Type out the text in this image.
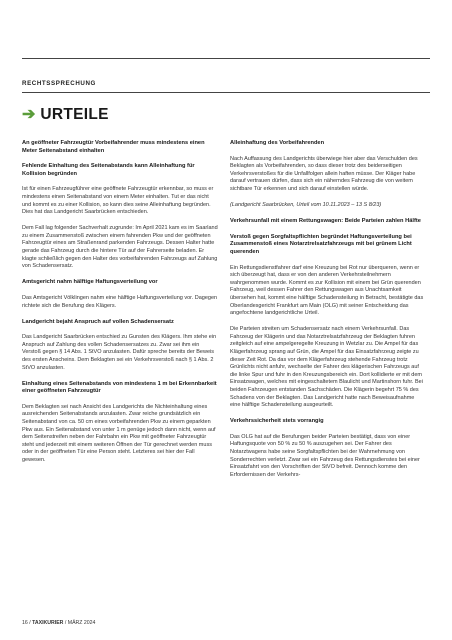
RECHTSSPRECHUNG
➔ URTEILE

An geöffneter Fahrzeugtür Vorbeifahrender muss mindestens einen Meter Seitenabstand einhalten

Fehlende Einhaltung des Seitenabstands kann Alleinhaftung für Kollision begründen

Ist für einen Fahrzeugführer eine geöffnete Fahrzeugtür erkennbar, so muss er mindestens einen Seitenabstand von einem Meter einhalten. Tut er das nicht und kommt es zu einer Kollision, so kann dies seine Alleinhaftung begründen. Dies hat das Landgericht Saarbrücken entschieden.

Dem Fall lag folgender Sachverhalt zugrunde: Im April 2021 kam es im Saarland zu einem Zusammenstoß zwischen einem fahrenden Pkw und der geöffneten Fahrzeugtür eines am Straßenrand parkenden Fahrzeugs. Dessen Halter hatte gerade das Fahrzeug durch die hintere Tür auf der Fahrerseite beladen. Er klagte schließlich gegen den Halter des vorbeifahrenden Fahrzeugs auf Zahlung von Schadensersatz.

Amtsgericht nahm hälftige Haftungsverteilung vor

Das Amtsgericht Völklingen nahm eine hälftige Haftungsverteilung vor. Dagegen richtete sich die Berufung des Klägers.

Landgericht bejaht Anspruch auf vollen Schadensersatz

Das Landgericht Saarbrücken entschied zu Gunsten des Klägers. Ihm stehe ein Anspruch auf Zahlung des vollen Schadensersatzes zu. Zwar sei ihm ein Verstoß gegen § 14 Abs. 1 StVO anzulasten. Dafür spreche bereits der Beweis des ersten Anscheins. Dem Beklagten sei ein Verkehrsverstoß nach § 1 Abs. 2 StVO anzulasten.

Einhaltung eines Seitenabstands von mindestens 1 m bei Erkennbarkeit einer geöffneten Fahrzeugtür

Dem Beklagten sei nach Ansicht des Landgerichts die Nichteinhaltung eines ausreichenden Seitenabstands anzulasten. Zwar reiche grundsätzlich ein Seitenabstand von ca. 50 cm eines vorbeifahrenden Pkw zu einem geparkten Pkw aus. Ein Seitenabstand von unter 1 m genüge jedoch dann nicht, wenn auf dem Seitenstreifen neben der Fahrbahn ein Pkw mit geöffneter Fahrzeugtür steht und jederzeit mit einem weiteren Öffnen der Tür gerechnet werden muss oder in der geöffneten Tür eine Person steht. Letzteres sei hier der Fall gewesen.

Alleinhaftung des Vorbeifahrenden

Nach Auffassung des Landgerichts überwiege hier aber das Verschulden des Beklagten als Vorbeifahrenden, so dass dieser trotz des beiderseitigen Verkehrsverstoßes für die Unfallfolgen allein haften müsse. Der Kläger habe darauf vertrauen dürfen, dass sich ein näherndes Fahrzeug die von weitem sichtbare Tür erkennen und sich darauf einstellen würde.

(Landgericht Saarbrücken, Urteil vom 10.11.2023 – 13 S 8/23)

Verkehrsunfall mit einem Rettungswagen: Beide Parteien zahlen Hälfte

Verstoß gegen Sorgfaltspflichten begründet Haftungsverteilung bei Zusammenstoß eines Notarztrelsatzfahrzeugs mit bei grünem Licht querenden

Ein Rettungsdienstfahrer darf eine Kreuzung bei Rot nur überqueren, wenn er sich überzeugt hat, dass er von den anderen Verkehrsteilnehmern wahrgenommen wurde. Kommt es zur Kollision mit einem bei Grün querenden Fahrzeug, weil dessen Fahrer den Rettungswagen aus Unachtsamkeit übersehen hat, kommt eine hälftige Schadensteilung in Betracht, bestätigte das Oberlandesgericht Frankfurt am Main (OLG) mit seiner Entscheidung das angefochtene landgerichtliche Urteil.

Die Parteien streiten um Schadensersatz nach einem Verkehrsunfall. Das Fahrzeug der Klägerin und das Notarztrelsatzfahrzeug der Beklagten fuhren zeitgleich auf eine ampelgeregelte Kreuzung in Wetzlar zu. Die Ampel für das Klägerfahrzeug sprang auf Grün, die Ampel für das Einsatzfahrzeug zeigte zu dieser Zeit Rot. Da das vor dem Klägerfahrzeug stehende Fahrzeug trotz Grünlichts nicht anfuhr, wechselte der Fahrer des klägerischen Fahrzeugs auf die linke Spur und fuhr in den Kreuzungsbereich ein. Dort kollidierte er mit dem Einsatzwagen, welches mit eingeschaltetem Blaulicht und Martinshorn fuhr. Bei beiden Fahrzeugen entstanden Sachschäden. Die Klägerin begehrt 75 % des Schadens von der Beklagten. Das Landgericht hatte nach Beweisaufnahme eine hälftige Schadensteilung ausgeurteilt.

Verkehrssicherheit stets vorrangig

Das OLG hat auf die Berufungen beider Parteien bestätigt, dass von einer Haftungsquote von 50 % zu 50 % auszugehen sei. Der Fahrer des Notarztwagens habe seine Sorgfaltspflichten bei der Wahrnehmung von Sonderrechten verletzt. Zwar sei ein Fahrzeug des Rettungsdienstes bei einer Einsatzfahrt von den Vorschriften der StVO befreit. Dennoch komme den Erfordernissen der Verkehrs-

16 / TAXIKURIER / MÄRZ 2024
